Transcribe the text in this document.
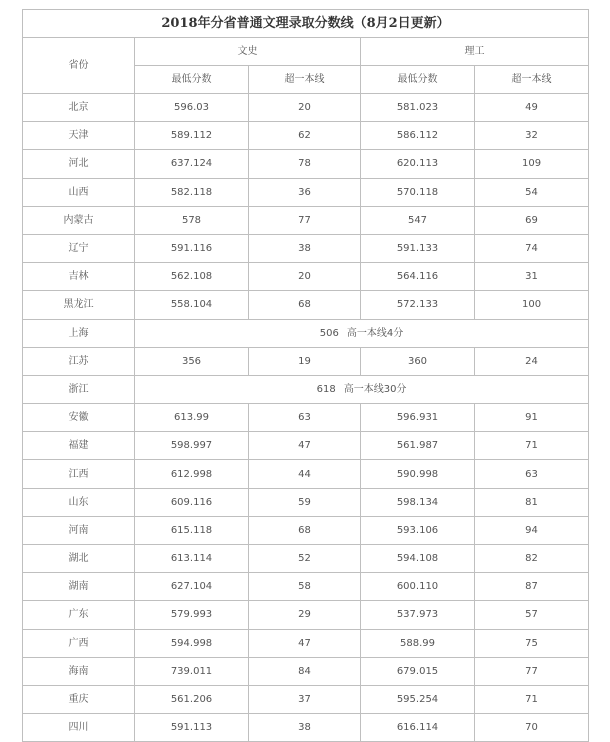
2018年分省普通文理录取分数线（8月2日更新）				
省份	文史		理工	
	最低分数	超一本线	最低分数	超一本线
北京	596.03	20	581.023	49
天津	589.112	62	586.112	32
河北	637.124	78	620.113	109
山西	582.118	36	570.118	54
内蒙古	578	77	547	69
辽宁	591.116	38	591.133	74
吉林	562.108	20	564.116	31
黑龙江	558.104	68	572.133	100
上海	506 高一本线4分			
江苏	356	19	360	24
浙江	618 高一本线30分			
安徽	613.99	63	596.931	91
福建	598.997	47	561.987	71
江西	612.998	44	590.998	63
山东	609.116	59	598.134	81
河南	615.118	68	593.106	94
湖北	613.114	52	594.108	82
湖南	627.104	58	600.110	87
广东	579.993	29	537.973	57
广西	594.998	47	588.99	75
海南	739.011	84	679.015	77
重庆	561.206	37	595.254	71
四川	591.113	38	616.114	70
